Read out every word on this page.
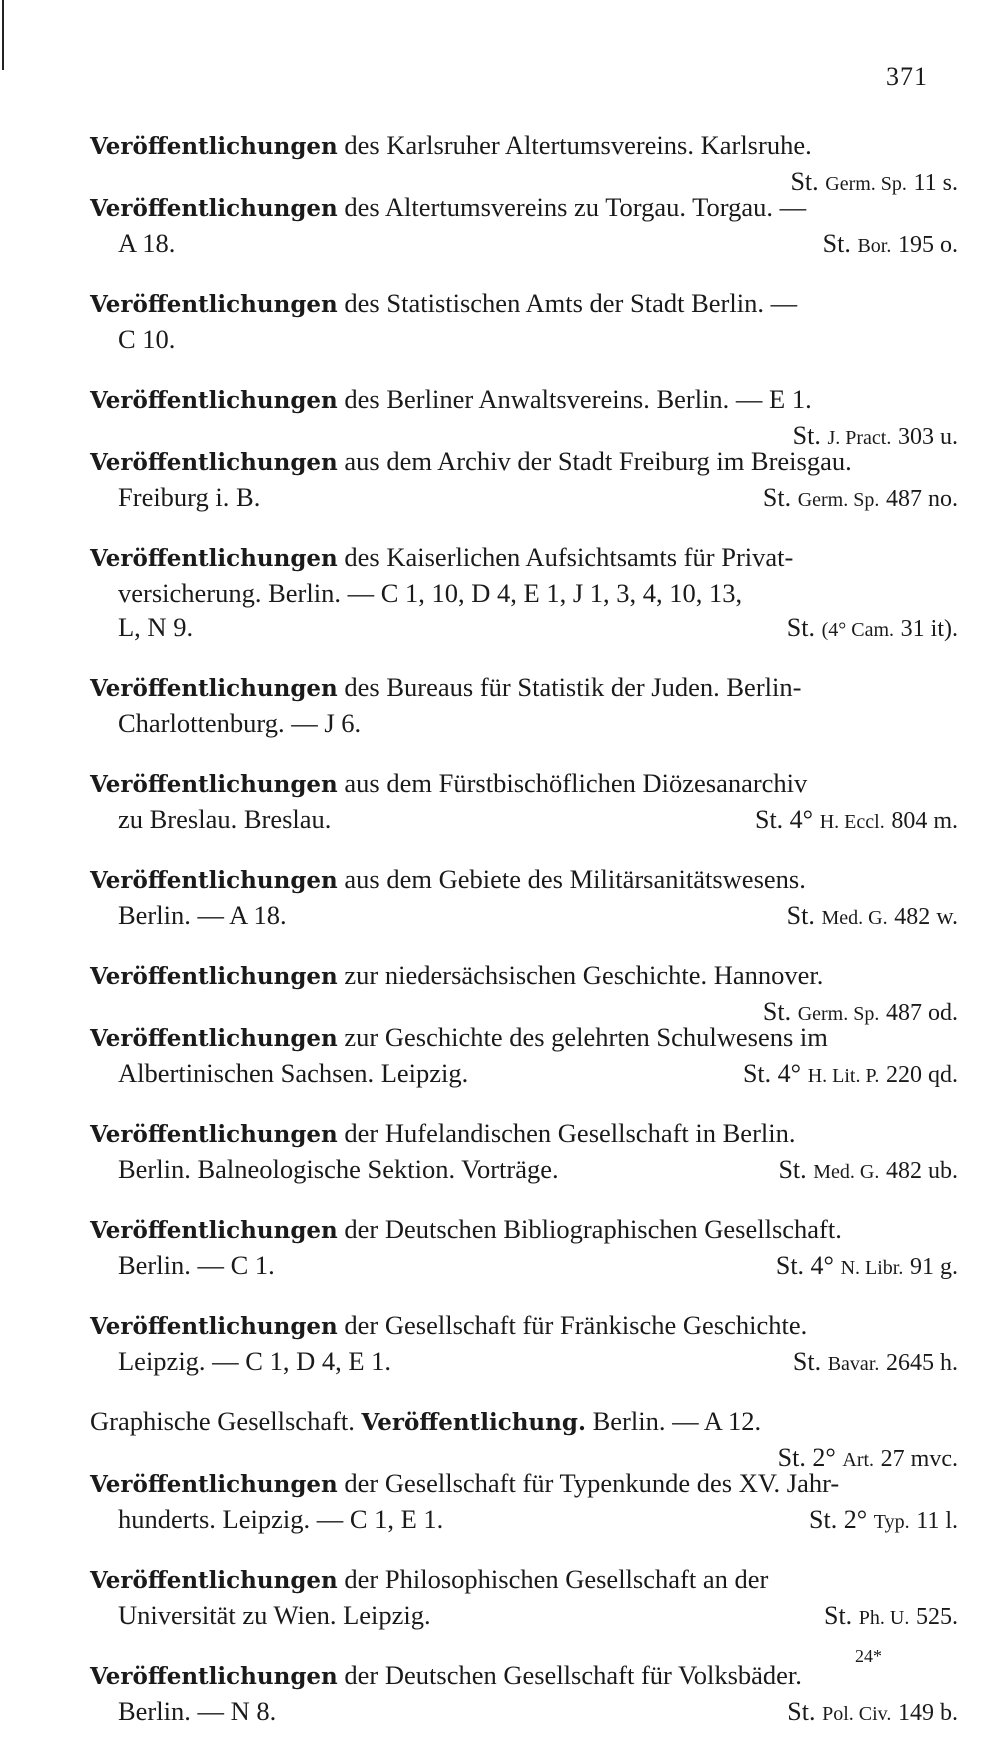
371
Veröffentlichungen des Karlsruher Altertumsvereins. Karlsruhe.
St. Germ. Sp. 11 s.
Veröffentlichungen des Altertumsvereins zu Torgau. Torgau. —
A 18.	St. Bor. 195 o.
Veröffentlichungen des Statistischen Amts der Stadt Berlin. —
C 10.
Veröffentlichungen des Berliner Anwaltsvereins. Berlin. — E 1.
St. J. Pract. 303 u.
Veröffentlichungen aus dem Archiv der Stadt Freiburg im Breisgau.
Freiburg i. B.	St. Germ. Sp. 487 no.
Veröffentlichungen des Kaiserlichen Aufsichtsamts für Privat-
versicherung. Berlin. — C 1, 10, D 4, E 1, J 1, 3, 4, 10, 13,
L, N 9.	St. (4° Cam. 31 it).
Veröffentlichungen des Bureaus für Statistik der Juden. Berlin-
Charlottenburg. — J 6.
Veröffentlichungen aus dem Fürstbischöflichen Diözesanarchiv
zu Breslau. Breslau.	St. 4° H. Eccl. 804 m.
Veröffentlichungen aus dem Gebiete des Militärsanitätswesens.
Berlin. — A 18.	St. Med. G. 482 w.
Veröffentlichungen zur niedersächsischen Geschichte. Hannover.
St. Germ. Sp. 487 od.
Veröffentlichungen zur Geschichte des gelehrten Schulwesens im
Albertinischen Sachsen. Leipzig.	St. 4° H. Lit. P. 220 qd.
Veröffentlichungen der Hufelandischen Gesellschaft in Berlin.
Berlin. Balneologische Sektion. Vorträge.	St. Med. G. 482 ub.
Veröffentlichungen der Deutschen Bibliographischen Gesellschaft.
Berlin. — C 1.	St. 4° N. Libr. 91 g.
Veröffentlichungen der Gesellschaft für Fränkische Geschichte.
Leipzig. — C 1, D 4, E 1.	St. Bavar. 2645 h.
Graphische Gesellschaft. Veröffentlichung. Berlin. — A 12.
St. 2° Art. 27 mvc.
Veröffentlichungen der Gesellschaft für Typenkunde des XV. Jahr-
hunderts. Leipzig. — C 1, E 1.	St. 2° Typ. 11 l.
Veröffentlichungen der Philosophischen Gesellschaft an der
Universität zu Wien. Leipzig.	St. Ph. U. 525.
Veröffentlichungen der Deutschen Gesellschaft für Volksbäder.
Berlin. — N 8.	St. Pol. Civ. 149 b.
24*
